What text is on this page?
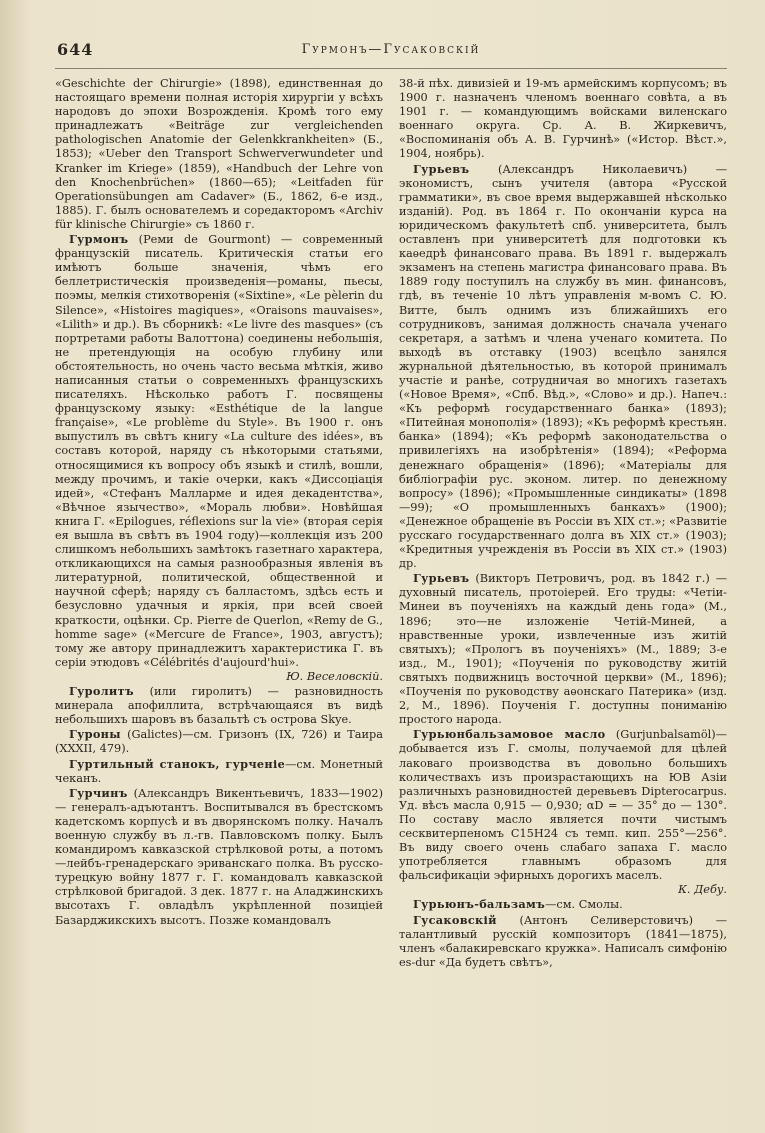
644	Гурмонъ—Гусаковскій

«Geschichte der Chirurgie» (1898), единственная до настоящаго времени полная исторія хирургіи у всѣхъ народовъ до эпохи Возрожденія. Кромѣ того ему принадлежатъ «Beiträge zur vergleichenden pathologischen Anatomie der Gelenkkrankheiten» (Б., 1853); «Ueber den Transport Schwerverwundeter und Kranker im Kriege» (1859), «Handbuch der Lehre von den Knochenbrüchen» (1860—65); «Leitfaden für Operationsübungen am Cadaver» (Б., 1862, 6-е изд., 1885). Г. былъ основателемъ и соредакторомъ «Archiv für klinische Chirurgie» съ 1860 г.

Гурмонъ (Реми de Gourmont) — современный французскій писатель. Критическія статьи его имѣютъ больше значенія, чѣмъ его беллетристическія произведенія—романы, пьесы, поэмы, мелкія стихотворенія («Sixtine», «Le pèlerin du Silence», «Histoires magiques», «Oraisons mauvaises», «Lilith» и др.). Въ сборникѣ: «Le livre des masques» (съ портретами работы Валоттона) соединены небольшія, не претендующія на особую глубину или обстоятельность, но очень часто весьма мѣткія, живо написанныя статьи о современныхъ французскихъ писателяхъ. Нѣсколько работъ Г. посвящены французскому языку: «Esthétique de la langue française», «Le problème du Style». Въ 1900 г. онъ выпустилъ въ свѣтъ книгу «La culture des idées», въ составъ которой, наряду съ нѣкоторыми статьями, относящимися къ вопросу объ языкѣ и стилѣ, вошли, между прочимъ, и такіе очерки, какъ «Диссоціація идей», «Стефанъ Малларме и идея декадентства», «Вѣчное язычество», «Мораль любви». Новѣйшая книга Г. «Epilogues, réflexions sur la vie» (вторая серія ея вышла въ свѣтъ въ 1904 году)—коллекція изъ 200 слишкомъ небольшихъ замѣтокъ газетнаго характера, откликающихся на самыя разнообразныя явленія въ литературной, политической, общественной и научной сферѣ; наряду съ балластомъ, здѣсь есть и безусловно удачныя и яркія, при всей своей краткости, оцѣнки. Ср. Pierre de Querlon, «Remy de G., homme sage» («Mercure de France», 1903, августъ); тому же автору принадлежитъ характеристика Г. въ серіи этюдовъ «Célébrités d'aujourd'hui».
Ю. Веселовскій.

Гуролитъ (или гиролитъ) — разновидность минерала апофиллита, встрѣчающаяся въ видѣ небольшихъ шаровъ въ базальтѣ съ острова Skye.

Гуроны (Galictes)—см. Гризонъ (IX, 726) и Таира (XXXII, 479).

Гуртильный станокъ, гурченіе—см. Монетный чеканъ.

Гурчинъ (Александръ Викентьевичъ, 1833—1902) — генералъ-адъютантъ. Воспитывался въ брестскомъ кадетскомъ корпусѣ и въ дворянскомъ полку. Началъ военную службу въ л.-гв. Павловскомъ полку. Былъ командиромъ кавказской стрѣлковой роты, а потомъ—лейбъ-гренадерскаго эриванскаго полка. Въ русско-турецкую войну 1877 г. Г. командовалъ кавказской стрѣлковой бригадой. 3 дек. 1877 г. на Аладжинскихъ высотахъ Г. овладѣлъ укрѣпленной позиціей Базарджикскихъ высотъ. Позже командовалъ

38-й пѣх. дивизіей и 19-мъ армейскимъ корпусомъ; въ 1900 г. назначенъ членомъ военнаго совѣта, а въ 1901 г. — командующимъ войсками виленскаго военнаго округа. Ср. А. В. Жиркевичъ, «Воспоминанія объ А. В. Гурчинѣ» («Истор. Вѣст.», 1904, ноябрь).

Гурьевъ	(Александръ Николаевичъ) — экономистъ, сынъ учителя (автора «Русской грамматики», въ свое время выдержавшей нѣсколько изданій). Род. въ 1864 г. По окончаніи курса на юридическомъ факультетѣ спб. университета, былъ оставленъ при университетѣ для подготовки къ каѳедрѣ финансоваго права. Въ 1891 г. выдержалъ экзаменъ на степень магистра финансоваго права. Въ 1889 году поступилъ на службу въ мин. финансовъ, гдѣ, въ теченіе 10 лѣтъ управленія м-вомъ С. Ю. Витте, былъ однимъ изъ ближайшихъ его сотрудниковъ, занимая должность сначала ученаго секретаря, а затѣмъ и члена ученаго комитета. По выходѣ въ отставку (1903) всецѣло занялся журнальной дѣятельностью, въ которой принималъ участіе и ранѣе, сотрудничая во многихъ газетахъ («Новое Время», «Спб. Вѣд.», «Слово» и др.). Напеч.: «Къ реформѣ государственнаго банка» (1893); «Питейная монополія» (1893); «Къ реформѣ крестьян. банка» (1894); «Къ реформѣ законодательства о привилегіяхъ на изобрѣтенія» (1894); «Реформа денежнаго обращенія» (1896); «Матеріалы для библіографіи рус. эконом. литер. по денежному вопросу» (1896); «Промышленные синдикаты» (1898—99); «О промышленныхъ банкахъ» (1900); «Денежное обращеніе въ Россіи въ XIX ст.»; «Развитіе русскаго государственнаго долга въ XIX ст.» (1903); «Кредитныя учрежденія въ Россіи въ XIX ст.» (1903) др.

Гурьевъ (Викторъ Петровичъ, род. въ 1842 г.) — духовный писатель, протоіерей. Его труды: «Четіи-Минеи въ поученіяхъ на каждый день года» (М., 1896; это—не изложеніе Четій-Миней, а нравственные уроки, извлеченные изъ житій святыхъ); «Прологъ въ поученіяхъ» (М., 1889; 3-е изд., М., 1901); «Поученія по руководству житій святыхъ подвижницъ восточной церкви» (М., 1896); «Поученія по руководству аѳонскаго Патерика» (изд. 2, М., 1896). Поученія Г. доступны пониманію простого народа.

Гурьюнбальзамовое масло (Gurjunbalsamöl)—добывается изъ Г. смолы, получаемой для цѣлей лаковаго производства въ довольно большихъ количествахъ изъ произрастающихъ на ЮВ Азіи различныхъ разновидностей деревьевъ Dipterocarpus. Уд. вѣсъ масла 0,915 — 0,930; αD = — 35° до — 130°. По составу масло является почти чистымъ сесквитерпеномъ C15H24 съ темп. кип. 255°—256°. Въ виду своего очень слабаго запаха Г. масло употребляется главнымъ образомъ для фальсификаціи эфирныхъ дорогихъ маселъ.
К. Дебу.

Гурьюнъ-бальзамъ—см. Смолы.

Гусаковскій (Антонъ Селиверстовичъ) —талантливый русскій композиторъ (1841—1875), членъ «балакиревскаго кружка». Написалъ симфонію es-dur «Да будетъ свѣтъ»,
